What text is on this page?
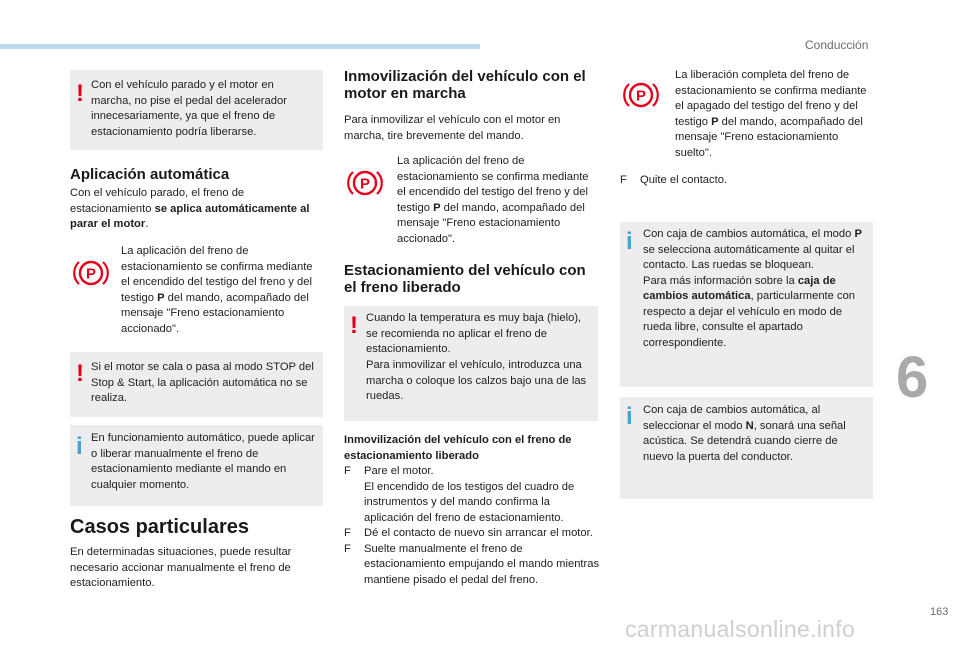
Conducción
6
163
carmanualsonline.info
! Con el vehículo parado y el motor en marcha, no pise el pedal del acelerador innecesariamente, ya que el freno de estacionamiento podría liberarse.
Aplicación automática
Con el vehículo parado, el freno de estacionamiento se aplica automáticamente al parar el motor.
P
La aplicación del freno de estacionamiento se confirma mediante el encendido del testigo del freno y del testigo P del mando, acompañado del mensaje "Freno estacionamiento accionado".
! Si el motor se cala o pasa al modo STOP del Stop & Start, la aplicación automática no se realiza.
i En funcionamiento automático, puede aplicar o liberar manualmente el freno de estacionamiento mediante el mando en cualquier momento.
Casos particulares
En determinadas situaciones, puede resultar necesario accionar manualmente el freno de estacionamiento.
Inmovilización del vehículo con el motor en marcha
Para inmovilizar el vehículo con el motor en marcha, tire brevemente del mando.
P
La aplicación del freno de estacionamiento se confirma mediante el encendido del testigo del freno y del testigo P del mando, acompañado del mensaje "Freno estacionamiento accionado".
Estacionamiento del vehículo con el freno liberado
! Cuando la temperatura es muy baja (hielo), se recomienda no aplicar el freno de estacionamiento.
Para inmovilizar el vehículo, introduzca una marcha o coloque los calzos bajo una de las ruedas.
Inmovilización del vehículo con el freno de estacionamiento liberado
F Pare el motor.
El encendido de los testigos del cuadro de instrumentos y del mando confirma la aplicación del freno de estacionamiento.
F Dé el contacto de nuevo sin arrancar el motor.
F Suelte manualmente el freno de estacionamiento empujando el mando mientras mantiene pisado el pedal del freno.
P
La liberación completa del freno de estacionamiento se confirma mediante el apagado del testigo del freno y del testigo P del mando, acompañado del mensaje "Freno estacionamiento suelto".
F Quite el contacto.
i Con caja de cambios automática, el modo P se selecciona automáticamente al quitar el contacto. Las ruedas se bloquean.
Para más información sobre la caja de cambios automática, particularmente con respecto a dejar el vehículo en modo de rueda libre, consulte el apartado correspondiente.
i Con caja de cambios automática, al seleccionar el modo N, sonará una señal acústica. Se detendrá cuando cierre de nuevo la puerta del conductor.
